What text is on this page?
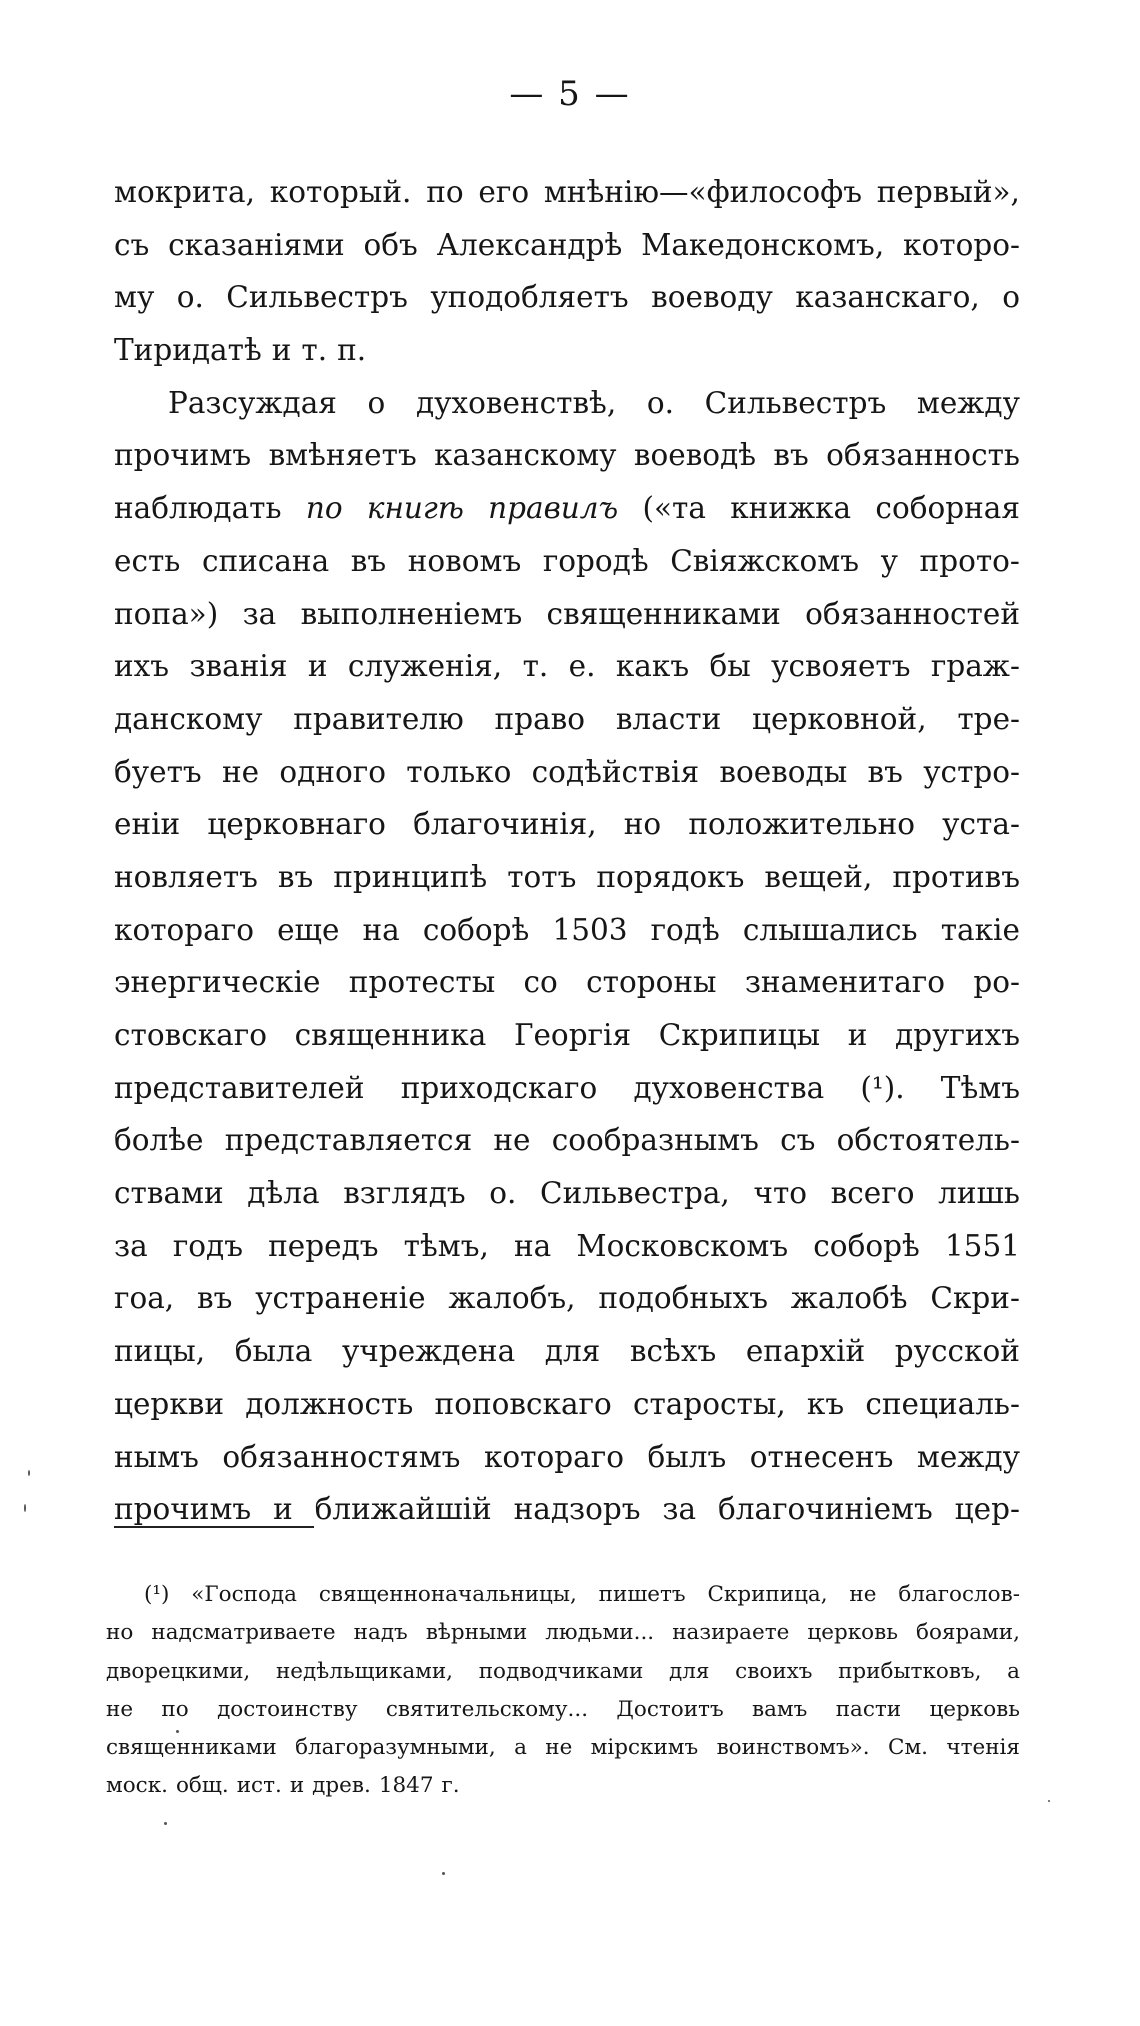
— 5 —
мокрита, который. по его мнѣнію—«философъ первый»,
съ сказаніями объ Александрѣ Македонскомъ, которо-
му о. Сильвестръ уподобляетъ воеводу казанскаго, о
Тиридатѣ и т. п.
Разсуждая о духовенствѣ, о. Сильвестръ между
прочимъ вмѣняетъ казанскому воеводѣ въ обязанность
наблюдать по книгѣ правилъ («та книжка соборная
есть списана въ новомъ городѣ Свіяжскомъ у прото-
попа») за выполненіемъ священниками обязанностей
ихъ званія и служенія, т. е. какъ бы усвояетъ граж-
данскому правителю право власти церковной, тре-
буетъ не одного только содѣйствія воеводы въ устро-
еніи церковнаго благочинія, но положительно уста-
новляетъ въ принципѣ тотъ порядокъ вещей, противъ
котораго еще на соборѣ 1503 годѣ слышались такіе
энергическіе протесты со стороны знаменитаго ро-
стовскаго священника Георгія Скрипицы и другихъ
представителей приходскаго духовенства (¹). Тѣмъ
болѣе представляется не сообразнымъ съ обстоятель-
ствами дѣла взглядъ о. Сильвестра, что всего лишь
за годъ передъ тѣмъ, на Московскомъ соборѣ 1551
гоа, въ устраненіе жалобъ, подобныхъ жалобѣ Скри-
пицы, была учреждена для всѣхъ епархій русской
церкви должность поповскаго старосты, къ специаль-
нымъ обязанностямъ котораго былъ отнесенъ между
прочимъ и ближайшій надзоръ за благочиніемъ цер-
(¹) «Господа священноначальницы, пишетъ Скрипица, не благослов-
но надсматриваете надъ вѣрными людьми... назираете церковь боярами,
дворецкими, недѣльщиками, подводчиками для своихъ прибытковъ, а
не по достоинству святительскому... Достоитъ вамъ пасти церковь
священниками благоразумными, а не мірскимъ воинствомъ». См. чтенія
моск. общ. ист. и древ. 1847 г.
